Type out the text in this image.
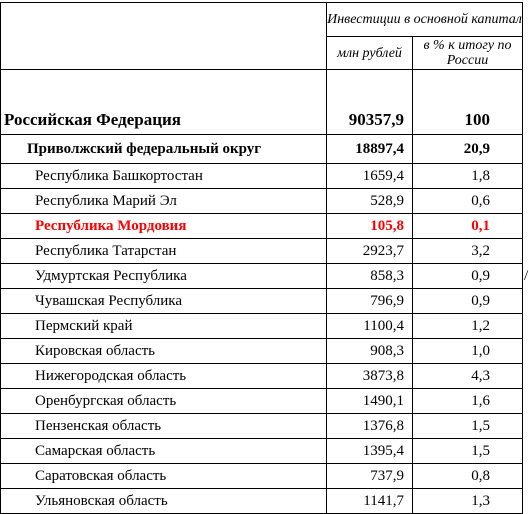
	Инвестиции в основной капитал	
	млн рублей	в % к итогу по России
Российская Федерация	90357,9	100
Приволжский федеральный округ	18897,4	20,9
Республика Башкортостан	1659,4	1,8
Республика Марий Эл	528,9	0,6
Республика Мордовия	105,8	0,1
Республика Татарстан	2923,7	3,2
Удмуртская Республика	858,3	0,9
Чувашская Республика	796,9	0,9
Пермский край	1100,4	1,2
Кировская область	908,3	1,0
Нижегородская область	3873,8	4,3
Оренбургская область	1490,1	1,6
Пензенская область	1376,8	1,5
Самарская область	1395,4	1,5
Саратовская область	737,9	0,8
Ульяновская область	1141,7	1,3
/
